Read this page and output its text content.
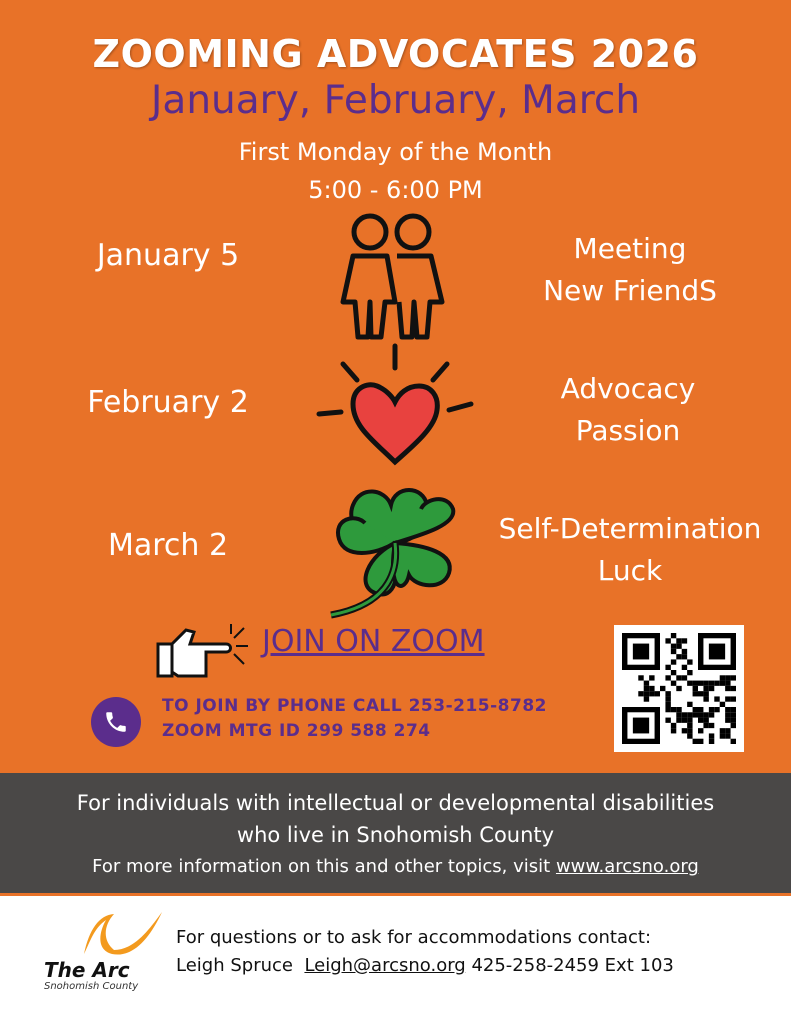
ZOOMING ADVOCATES 2026
January, February, March
First Monday of the Month
5:00 - 6:00 PM
January 5	Meeting
New FriendS
February 2	Advocacy
Passion
March 2	Self-Determination
Luck
JOIN ON ZOOM
TO JOIN BY PHONE CALL 253-215-8782
ZOOM MTG ID 299 588 274
For individuals with intellectual or developmental disabilities
who live in Snohomish County
For more information on this and other topics, visit www.arcsno.org
The Arc
Snohomish County
For questions or to ask for accommodations contact:
Leigh Spruce Leigh@arcsno.org 425-258-2459 Ext 103
